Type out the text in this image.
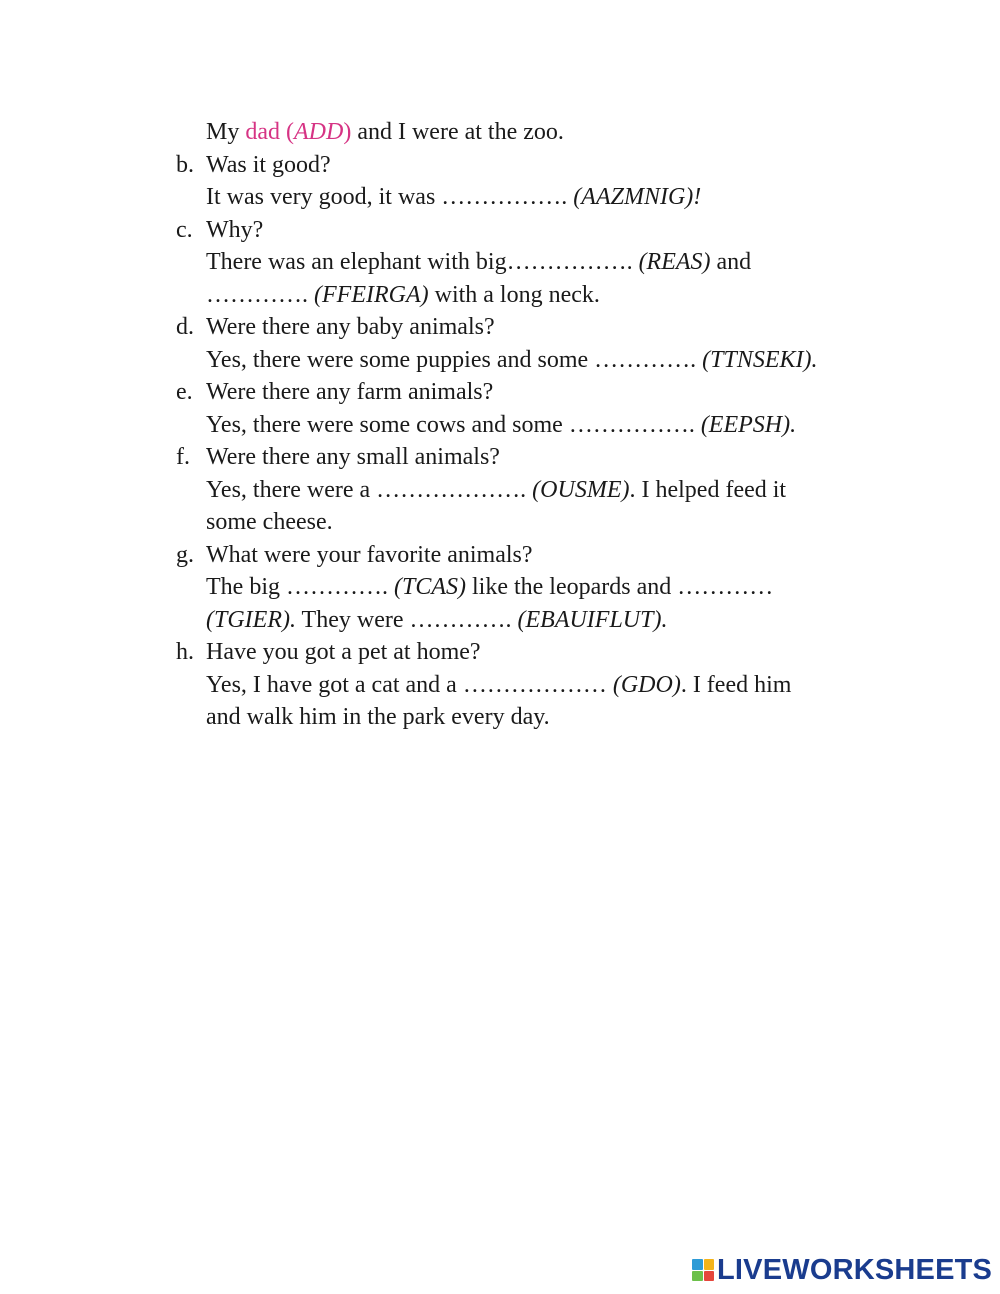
My dad (ADD) and I were at the zoo.
b. Was it good?
It was very good, it was ……………. (AAZMNIG)!
c. Why?
There was an elephant with big……………. (REAS) and
…………. (FFEIRGA) with a long neck.
d. Were there any baby animals?
Yes, there were some puppies and some …………. (TTNSEKI).
e. Were there any farm animals?
Yes, there were some cows and some ……………. (EEPSH).
f. Were there any small animals?
Yes, there were a ………………. (OUSME). I helped feed it
some cheese.
g. What were your favorite animals?
The big …………. (TCAS) like the leopards and …………
(TGIER). They were …………. (EBAUIFLUT).
h. Have you got a pet at home?
Yes, I have got a cat and a ……………… (GDO). I feed him
and walk him in the park every day.
LIVEWORKSHEETS
